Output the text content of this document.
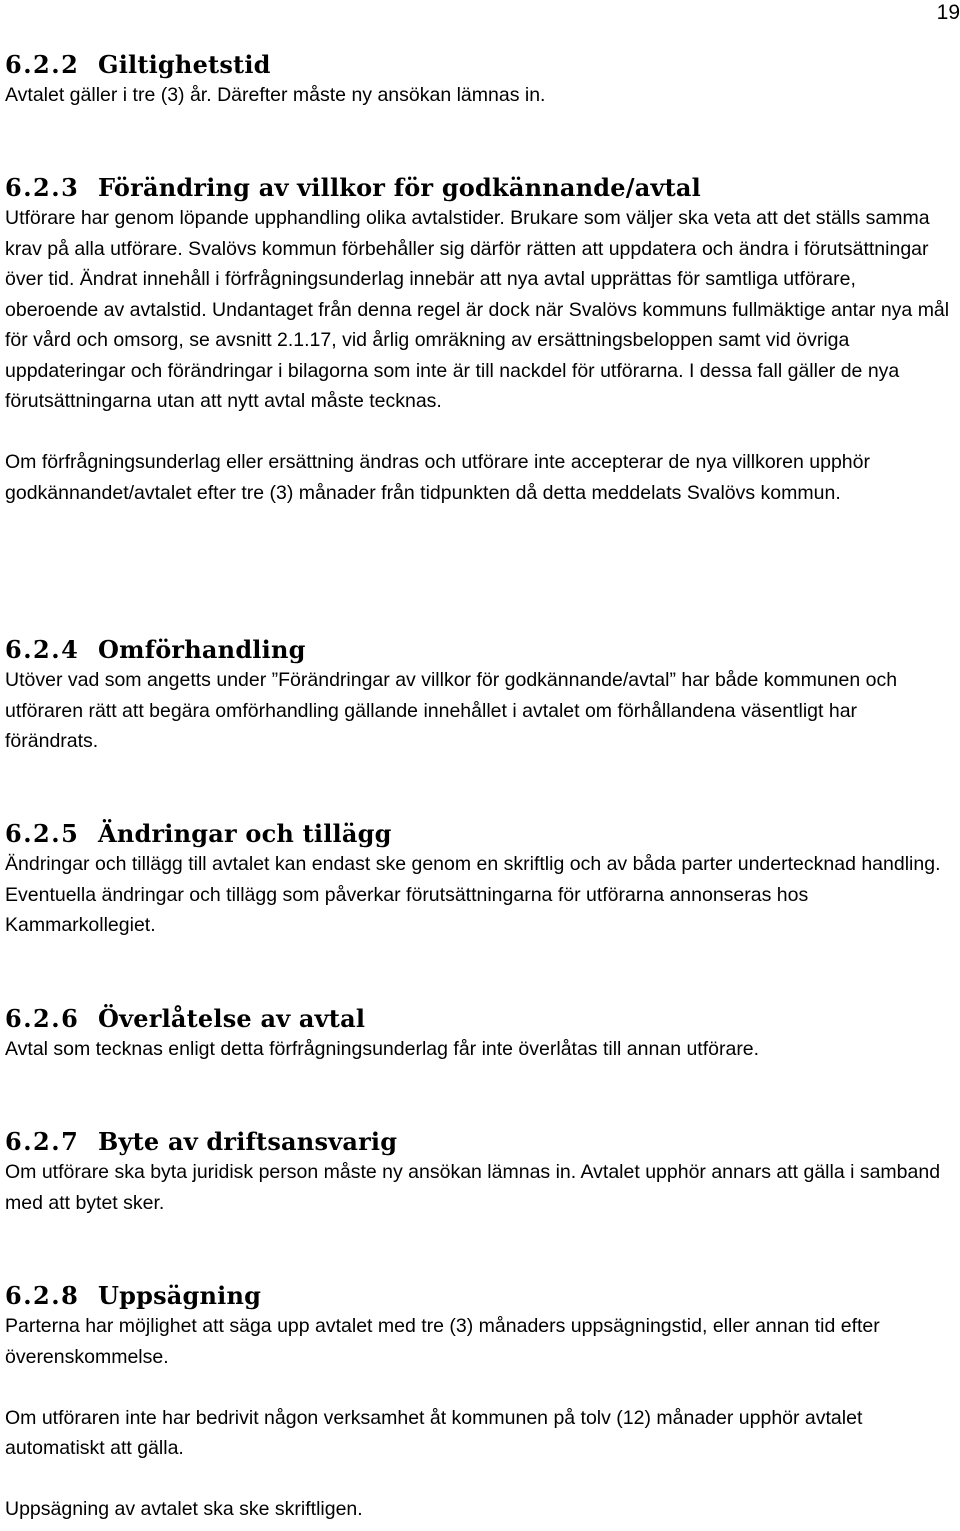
19
6.2.2 Giltighetstid

Avtalet gäller i tre (3) år. Därefter måste ny ansökan lämnas in.

6.2.3 Förändring av villkor för godkännande/avtal

Utförare har genom löpande upphandling olika avtalstider. Brukare som väljer ska veta att det ställs samma krav på alla utförare. Svalövs kommun förbehåller sig därför rätten att uppdatera och ändra i förutsättningar över tid. Ändrat innehåll i förfrågningsunderlag innebär att nya avtal upprättas för samtliga utförare, oberoende av avtalstid. Undantaget från denna regel är dock när Svalövs kommuns fullmäktige antar nya mål för vård och omsorg, se avsnitt 2.1.17, vid årlig omräkning av ersättningsbeloppen samt vid övriga uppdateringar och förändringar i bilagorna som inte är till nackdel för utförarna. I dessa fall gäller de nya förutsättningarna utan att nytt avtal måste tecknas.

Om förfrågningsunderlag eller ersättning ändras och utförare inte accepterar de nya villkoren upphör godkännandet/avtalet efter tre (3) månader från tidpunkten då detta meddelats Svalövs kommun.

6.2.4 Omförhandling

Utöver vad som angetts under ”Förändringar av villkor för godkännande/avtal” har både kommunen och utföraren rätt att begära omförhandling gällande innehållet i avtalet om förhållandena väsentligt har förändrats.

6.2.5 Ändringar och tillägg

Ändringar och tillägg till avtalet kan endast ske genom en skriftlig och av båda parter undertecknad handling. Eventuella ändringar och tillägg som påverkar förutsättningarna för utförarna annonseras hos Kammarkollegiet.

6.2.6 Överlåtelse av avtal

Avtal som tecknas enligt detta förfrågningsunderlag får inte överlåtas till annan utförare.

6.2.7 Byte av driftsansvarig

Om utförare ska byta juridisk person måste ny ansökan lämnas in. Avtalet upphör annars att gälla i samband med att bytet sker.

6.2.8 Uppsägning

Parterna har möjlighet att säga upp avtalet med tre (3) månaders uppsägningstid, eller annan tid efter överenskommelse.

Om utföraren inte har bedrivit någon verksamhet åt kommunen på tolv (12) månader upphör avtalet automatiskt att gälla.

Uppsägning av avtalet ska ske skriftligen.
